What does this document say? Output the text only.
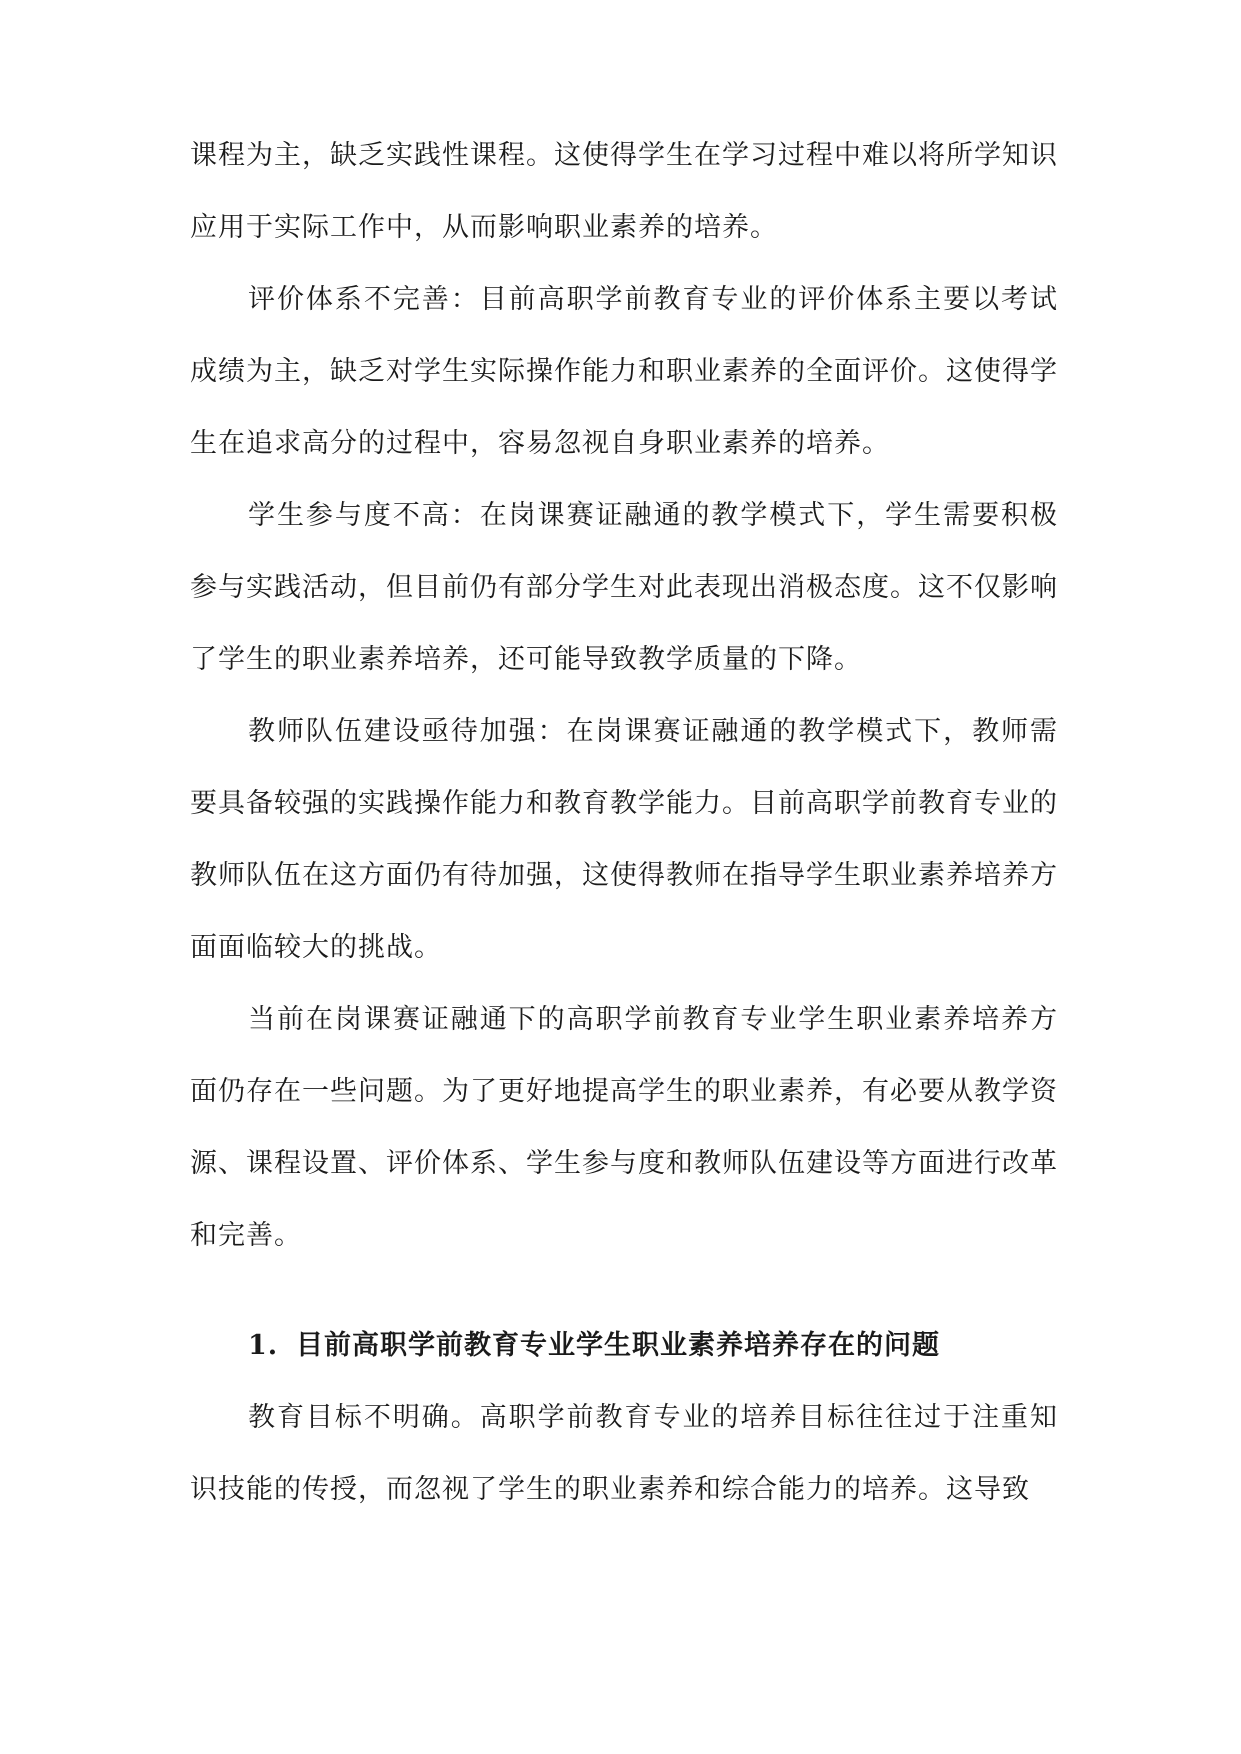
课程为主，缺乏实践性课程。这使得学生在学习过程中难以将所学知识应用于实际工作中，从而影响职业素养的培养。

评价体系不完善：目前高职学前教育专业的评价体系主要以考试成绩为主，缺乏对学生实际操作能力和职业素养的全面评价。这使得学生在追求高分的过程中，容易忽视自身职业素养的培养。

学生参与度不高：在岗课赛证融通的教学模式下，学生需要积极参与实践活动，但目前仍有部分学生对此表现出消极态度。这不仅影响了学生的职业素养培养，还可能导致教学质量的下降。

教师队伍建设亟待加强：在岗课赛证融通的教学模式下，教师需要具备较强的实践操作能力和教育教学能力。目前高职学前教育专业的教师队伍在这方面仍有待加强，这使得教师在指导学生职业素养培养方面面临较大的挑战。

当前在岗课赛证融通下的高职学前教育专业学生职业素养培养方面仍存在一些问题。为了更好地提高学生的职业素养，有必要从教学资源、课程设置、评价体系、学生参与度和教师队伍建设等方面进行改革和完善。

1. 目前高职学前教育专业学生职业素养培养存在的问题

教育目标不明确。高职学前教育专业的培养目标往往过于注重知识技能的传授，而忽视了学生的职业素养和综合能力的培养。这导致
